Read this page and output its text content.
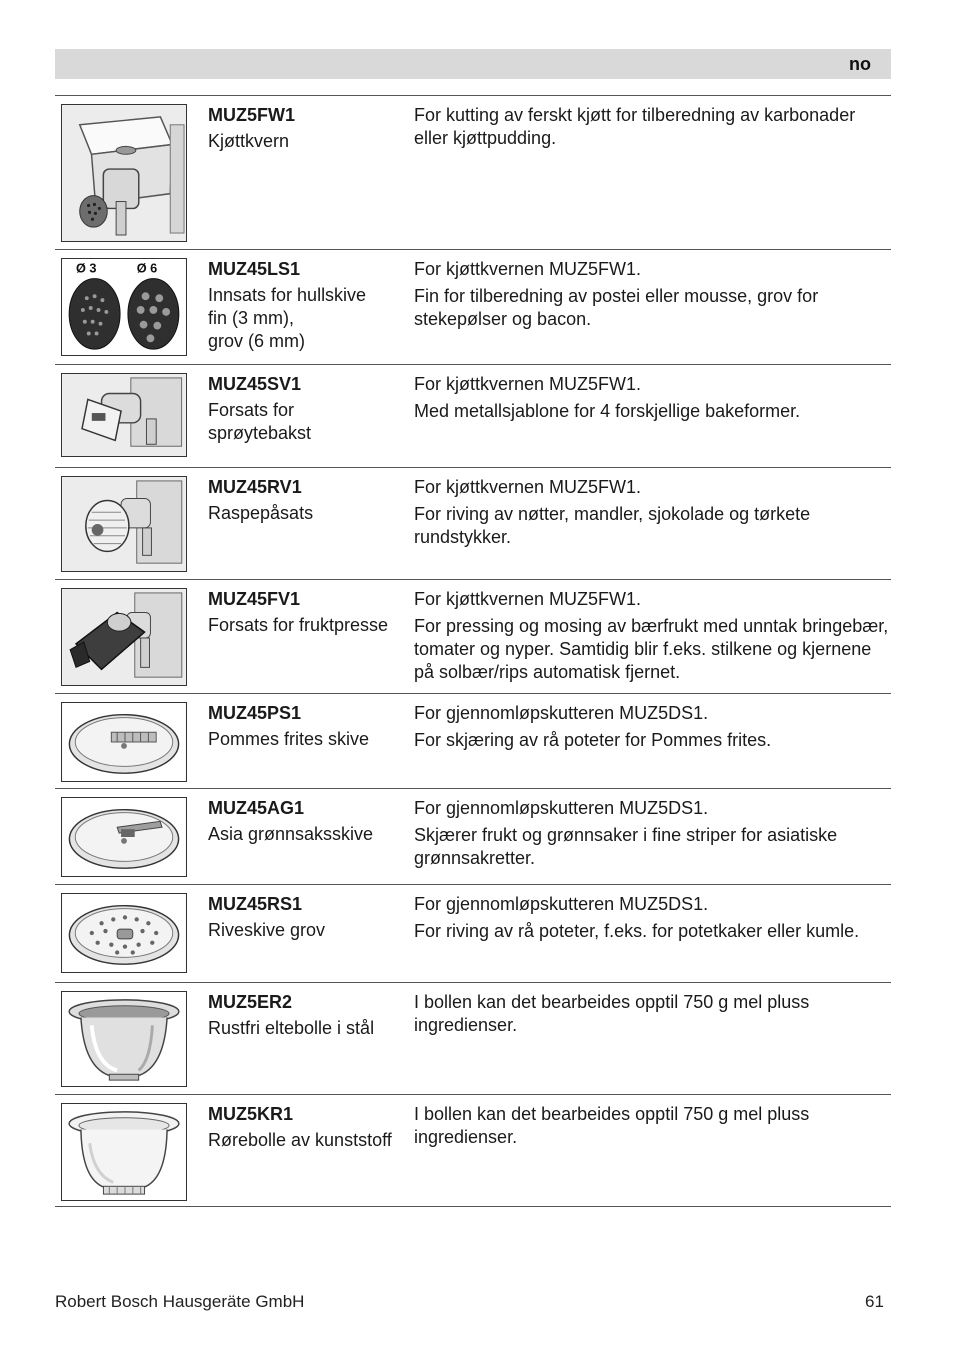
no
MUZ5FW1
Kjøttkvern
For kutting av ferskt kjøtt for tilberedning av karbonader eller kjøttpudding.
Ø 3	Ø 6	MUZ45LS1
Innsats for hullskive
fin (3 mm),
grov (6 mm)
For kjøttkvernen MUZ5FW1.
Fin for tilberedning av postei eller mousse, grov for stekepølser og bacon.
MUZ45SV1
Forsats for
sprøytebakst
For kjøttkvernen MUZ5FW1.
Med metallsjablone for 4 forskjellige bakeformer.
MUZ45RV1
Raspepåsats
For kjøttkvernen MUZ5FW1.
For riving av nøtter, mandler, sjokolade og tørkete rundstykker.
MUZ45FV1
Forsats for fruktpresse
For kjøttkvernen MUZ5FW1.
For pressing og mosing av bærfrukt med unntak bringebær, tomater og nyper. Samtidig blir f.eks. stilkene og kjernene på solbær/rips automatisk fjernet.
MUZ45PS1
Pommes frites skive
For gjennomløpskutteren MUZ5DS1.
For skjæring av rå poteter for Pommes frites.
MUZ45AG1
Asia grønnsaksskive
For gjennomløpskutteren MUZ5DS1.
Skjærer frukt og grønnsaker i fine striper for asiatiske grønnsakretter.
MUZ45RS1
Riveskive grov
For gjennomløpskutteren MUZ5DS1.
For riving av rå poteter, f.eks. for potetkaker eller kumle.
MUZ5ER2
Rustfri eltebolle i stål
I bollen kan det bearbeides opptil 750 g mel pluss ingredienser.
MUZ5KR1
Rørebolle av kunststoff
I bollen kan det bearbeides opptil 750 g mel pluss ingredienser.
Robert Bosch Hausgeräte GmbH	61
